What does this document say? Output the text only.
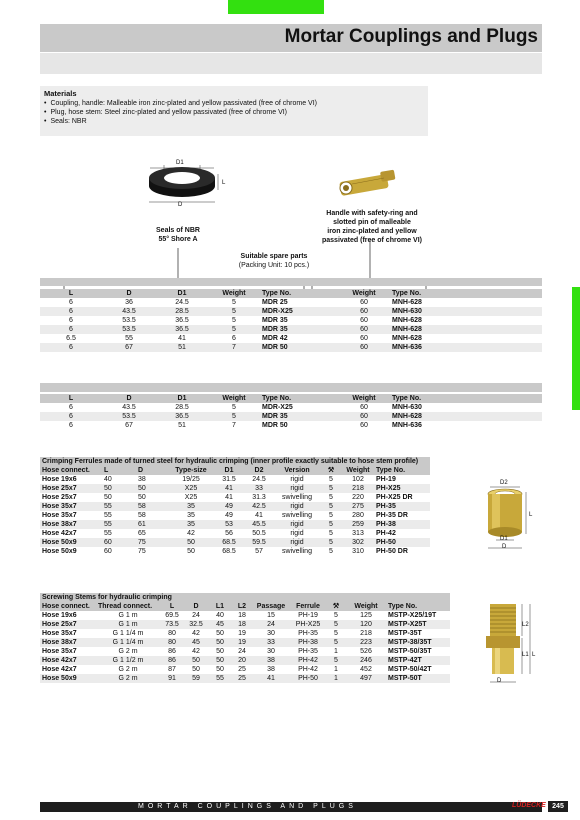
Mortar Couplings and Plugs
Materials
• Coupling, handle: Malleable iron zinc-plated and yellow passivated (free of chrome VI)
• Plug, hose stem: Steel zinc-plated and yellow passivated (free of chrome VI)
• Seals: NBR
D1
D
L
Seals of NBR
55° Shore A
Handle with safety-ring and
slotted pin of malleable
iron zinc-plated and yellow
passivated (free of chrome VI)
Suitable spare parts
(Packing Unit: 10 pcs.)
L	D	D1	Weight	Type No.	Weight	Type No.
6	36	24.5	5	MDR 25	60	MNH-628
6	43.5	28.5	5	MDR-X25	60	MNH-630
6	53.5	36.5	5	MDR 35	60	MNH-628
6	53.5	36.5	5	MDR 35	60	MNH-628
6.5	55	41	6	MDR 42	60	MNH-628
6	67	51	7	MDR 50	60	MNH-636
L	D	D1	Weight	Type No.	Weight	Type No.
6	43.5	28.5	5	MDR-X25	60	MNH-630
6	53.5	36.5	5	MDR 35	60	MNH-628
6	67	51	7	MDR 50	60	MNH-636
Crimping Ferrules made of turned steel for hydraulic crimping (inner profile exactly suitable to hose stem profile)									
Hose connect.	L	D	Type-size	D1	D2	Version	⚒	Weight	Type No.
Hose 19x6	40	38	19/25	31.5	24.5	rigid	5	102	PH-19
Hose 25x7	50	50	X25	41	33	rigid	5	218	PH-X25
Hose 25x7	50	50	X25	41	31.3	swivelling	5	220	PH-X25 DR
Hose 35x7	55	58	35	49	42.5	rigid	5	275	PH-35
Hose 35x7	55	58	35	49	41	swivelling	5	280	PH-35 DR
Hose 38x7	55	61	35	53	45.5	rigid	5	259	PH-38
Hose 42x7	55	65	42	56	50.5	rigid	5	313	PH-42
Hose 50x9	60	75	50	68.5	59.5	rigid	5	302	PH-50
Hose 50x9	60	75	50	68.5	57	swivelling	5	310	PH-50 DR
D2
L
D1
D
Screwing Stems for hydraulic crimping										
Hose connect.	Thread connect.	L	D	L1	L2	Passage	Ferrule	⚒	Weight	Type No.
Hose 19x6	G 1 m	69.5	24	40	18	15	PH-19	5	125	MSTP-X25/19T
Hose 25x7	G 1 m	73.5	32.5	45	18	24	PH-X25	5	120	MSTP-X25T
Hose 35x7	G 1 1/4 m	80	42	50	19	30	PH-35	5	218	MSTP-35T
Hose 38x7	G 1 1/4 m	80	45	50	19	33	PH-38	5	223	MSTP-38/35T
Hose 35x7	G 2 m	86	42	50	24	30	PH-35	1	526	MSTP-50/35T
Hose 42x7	G 1 1/2 m	86	50	50	20	38	PH-42	5	246	MSTP-42T
Hose 42x7	G 2 m	87	50	50	25	38	PH-42	1	452	MSTP-50/42T
Hose 50x9	G 2 m	91	59	55	25	41	PH-50	1	497	MSTP-50T
L2
L1 L
D
MORTAR COUPLINGS AND PLUGS	LÜDECKE 245
